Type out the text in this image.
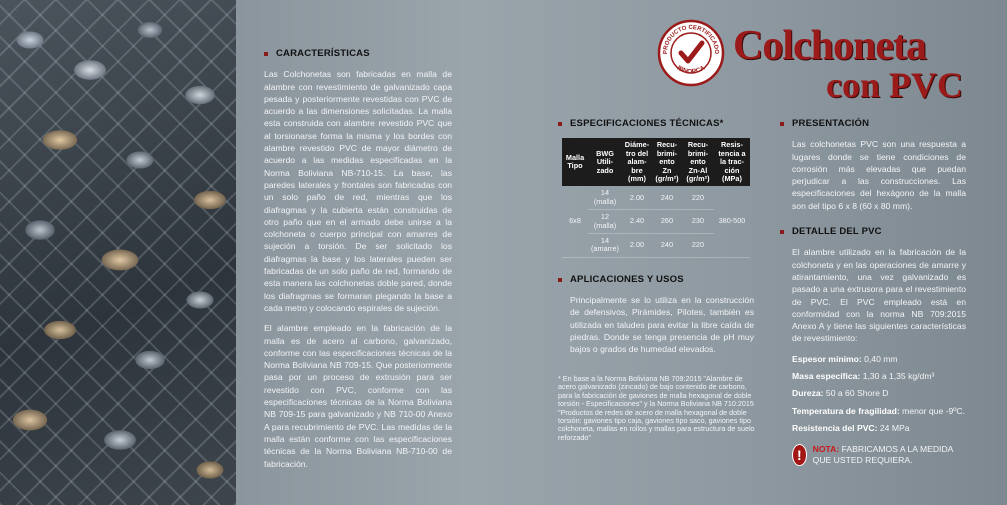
CARACTERÍSTICAS

Las Colchonetas son fabricadas en malla de alambre con revestimiento de galvanizado capa pesada y posteriormente revestidas con PVC de acuerdo a las dimensiones solicitadas. La malla esta construida con alambre revestido PVC que al torsionarse forma la misma y los bordes con alambre revestido PVC de mayor diámetro de acuerdo a las medidas especificadas en la Norma Boliviana NB-710-15. La base, las paredes laterales y frontales son fabricadas con un solo paño de red, mientras que los diafragmas y la cubierta están construidas de otro paño que en el armado debe unirse a la colchoneta o cuerpo principal con amarres de sujeción a torsión. De ser solicitado los diafragmas la base y los laterales pueden ser fabricadas de un solo paño de red, formando de esta manera las colchonetas doble pared, donde los diafragmas se formaran plegando la base a cada metro y colocando espirales de sujeción.

El alambre empleado en la fabricación de la malla es de acero al carbono, galvanizado, conforme con las especificaciones técnicas de la Norma Boliviana NB 709-15. Que posteriormente pasa por un proceso de extrusión para ser revestido con PVC, conforme con las especificaciones técnicas de la Norma Boliviana NB 709-15 para galvanizado y NB 710-00 Anexo A para recubrimiento de PVC. Las medidas de la malla están conforme con las especificaciones técnicas de la Norma Boliviana NB-710-00 de fabricación.

PRODUCTO CERTIFICADO
IBNORCA Colchoneta
con PVC
ESPECIFICACIONES TÉCNICAS*
Malla Tipo	BWG Utili-zado	Diáme-tro del alam-bre (mm)	Recu-brimi-ento Zn (gr/m²)	Recu-brimi-ento Zn-Al (gr/m²)	Resis-tencia a la trac-ción (MPa)
6x8	14 (malla)	2.00	240	220	380-500
	12 (malla)	2.40	260	230	
	14 (amarre)	2.00	240	220	
APLICACIONES Y USOS

Principalmente se lo utiliza en la construcción de defensivos, Pirámides, Pilotes, también es utilizada en taludes para evitar la libre caída de piedras. Donde se tenga presencia de pH muy bajos o grados de humedad elevados.

* En base a la Norma Boliviana NB 709:2015 "Alambre de acero galvanizado (zincado) de bajo contenido de carbono, para la fabricación de gaviones de malla hexagonal de doble torsión - Especificaciones" y la Norma Boliviana NB 710:2015 "Productos de redes de acero de malla hexagonal de doble torsión: gaviones tipo caja, gaviones tipo saco, gaviones tipo colchoneta, mallas en rollos y mallas para estructura de suelo reforzado"
PRESENTACIÓN

Las colchonetas PVC son una respuesta a lugares donde se tiene condiciones de corrosión más elevadas que puedan perjudicar a las construcciones. Las especificaciones del hexágono de la malla son del tipo 6 x 8 (60 x 80 mm).

DETALLE DEL PVC

El alambre utilizado en la fabricación de la colchoneta y en las operaciones de amarre y atirantamiento, una vez galvanizado es pasado a una extrusora para el revestimiento de PVC. El PVC empleado está en conformidad con la norma NB 709:2015 Anexo A y tiene las siguientes características de revestimiento:

Espesor mínimo: 0,40 mm
Masa específica: 1,30 a 1,35 kg/dm³
Dureza: 50 a 60 Shore D
Temperatura de fragilidad: menor que -9ºC.
Resistencia del PVC: 24 MPa
!	NOTA: FABRICAMOS A LA MEDIDA QUE USTED REQUIERA.
